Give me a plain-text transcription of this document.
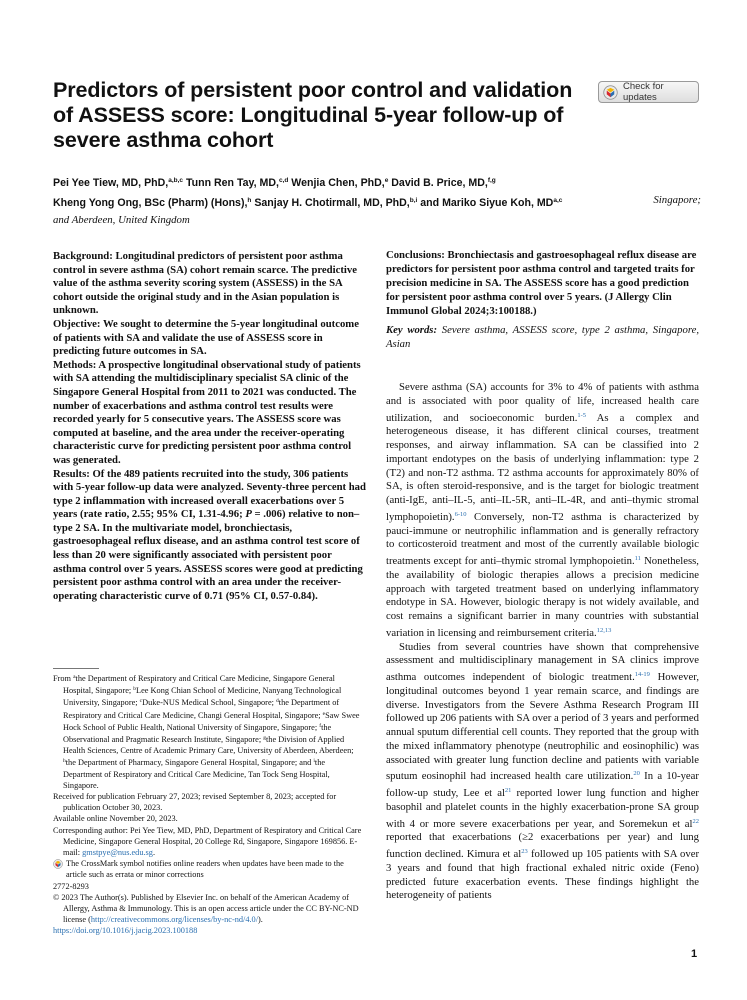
Predictors of persistent poor control and validation of ASSESS score: Longitudinal 5-year follow-up of severe asthma cohort
Check for updates
Pei Yee Tiew, MD, PhD,$^{a,b,c}$ Tunn Ren Tay, MD,$^{c,d}$ Wenjia Chen, PhD,$^e$ David B. Price, MD,$^{f,g}$
Kheng Yong Ong, BSc (Pharm) (Hons),$^h$ Sanjay H. Chotirmall, MD, PhD,$^{b,i}$ and Mariko Siyue Koh, MD$^{a,c}$	Singapore;
and Aberdeen, United Kingdom

Background: Longitudinal predictors of persistent poor asthma control in severe asthma (SA) cohort remain scarce. The predictive value of the asthma severity scoring system (ASSESS) in the SA cohort outside the original study and in the Asian population is unknown.

Objective: We sought to determine the 5-year longitudinal outcome of patients with SA and validate the use of ASSESS score in predicting future outcomes in SA.

Methods: A prospective longitudinal observational study of patients with SA attending the multidisciplinary specialist SA clinic of the Singapore General Hospital from 2011 to 2021 was conducted. The number of exacerbations and asthma control test results were recorded yearly for 5 consecutive years. The ASSESS score was computed at baseline, and the area under the receiver-operating characteristic curve for predicting persistent poor asthma control was generated.

Results: Of the 489 patients recruited into the study, 306 patients with 5-year follow-up data were analyzed. Seventy-three percent had type 2 inflammation with increased overall exacerbations over 5 years (rate ratio, 2.55; 95% CI, 1.31-4.96; P = .006) relative to non–type 2 SA. In the multivariate model, bronchiectasis, gastroesophageal reflux disease, and an asthma control test score of less than 20 were significantly associated with persistent poor asthma control over 5 years. ASSESS scores were good at predicting persistent poor asthma control with an area under the receiver-operating characteristic curve of 0.71 (95% CI, 0.57-0.84).

Conclusions: Bronchiectasis and gastroesophageal reflux disease are predictors for persistent poor asthma control and targeted traits for precision medicine in SA. The ASSESS score has a good prediction for persistent poor asthma control over 5 years. (J Allergy Clin Immunol Global 2024;3:100188.)
Key words: Severe asthma, ASSESS score, type 2 asthma, Singapore, Asian

Severe asthma (SA) accounts for 3% to 4% of patients with asthma and is associated with poor quality of life, increased health care utilization, and socioeconomic burden.$^{1-5}$ As a complex and heterogeneous disease, it has different clinical courses, treatment responses, and airway inflammation. SA can be classified into 2 important endotypes on the basis of underlying inflammation: type 2 (T2) and non-T2 asthma. T2 asthma accounts for approximately 80% of SA, is often steroid-responsive, and is the target for biologic treatment (anti-IgE, anti–IL-5, anti–IL-5R, anti–IL-4R, and anti–thymic stromal lymphopoietin).$^{6-10}$ Conversely, non-T2 asthma is characterized by pauci-immune or neutrophilic inflammation and is generally refractory to corticosteroid treatment and most of the currently available biologic treatments except for anti–thymic stromal lymphopoietin.$^{11}$ Nonetheless, the availability of biologic therapies allows a precision medicine approach with targeted treatment based on underlying inflammatory endotype in SA. However, biologic therapy is not widely available, and cost remains a significant barrier in many countries with substantial variation in licensing and reimbursement criteria.$^{12,13}$

Studies from several countries have shown that comprehensive assessment and multidisciplinary management in SA clinics improve asthma outcomes independent of biologic treatment.$^{14-19}$ However, longitudinal outcomes beyond 1 year remain scarce, and findings are diverse. Investigators from the Severe Asthma Research Program III followed up 206 patients with SA over a period of 3 years and performed annual sputum differential cell counts. They reported that the group with the mixed inflammatory phenotype (neutrophilic and eosinophilic) was associated with greater lung function decline and patients with variable sputum eosinophil had increased health care utilization.$^{20}$ In a 10-year follow-up study, Lee et $al^{21}$ reported lower lung function and higher basophil and platelet counts in the highly exacerbation-prone SA group with 4 or more severe exacerbations per year, and Soremekun et $al^{22}$ reported that exacerbations (≥2 exacerbations per year) and lung function declined. Kimura et $al^{23}$ followed up 105 patients with SA over 3 years and found that high fractional exhaled nitric oxide (Feno) predicted future exacerbation events. These findings highlight the heterogeneity of patients

From $^a$the Department of Respiratory and Critical Care Medicine, Singapore General Hospital, Singapore; $^b$Lee Kong Chian School of Medicine, Nanyang Technological University, Singapore; $^c$Duke-NUS Medical School, Singapore; $^d$the Department of Respiratory and Critical Care Medicine, Changi General Hospital, Singapore; $^e$Saw Swee Hock School of Public Health, National University of Singapore, Singapore; $^f$the Observational and Pragmatic Research Institute, Singapore; $^g$the Division of Applied Health Sciences, Centre of Academic Primary Care, University of Aberdeen, Aberdeen; $^h$the Department of Pharmacy, Singapore General Hospital, Singapore; and $^i$the Department of Respiratory and Critical Care Medicine, Tan Tock Seng Hospital, Singapore.

Received for publication February 27, 2023; revised September 8, 2023; accepted for publication October 30, 2023.

Available online November 20, 2023.

Corresponding author: Pei Yee Tiew, MD, PhD, Department of Respiratory and Critical Care Medicine, Singapore General Hospital, 20 College Rd, Singapore, Singapore 169856. E-mail: gmstpye@nus.edu.sg.

The CrossMark symbol notifies online readers when updates have been made to the article such as errata or minor corrections

2772-8293

© 2023 The Author(s). Published by Elsevier Inc. on behalf of the American Academy of Allergy, Asthma & Immunology. This is an open access article under the CC BY-NC-ND license (http://creativecommons.org/licenses/by-nc-nd/4.0/).

https://doi.org/10.1016/j.jacig.2023.100188

1
